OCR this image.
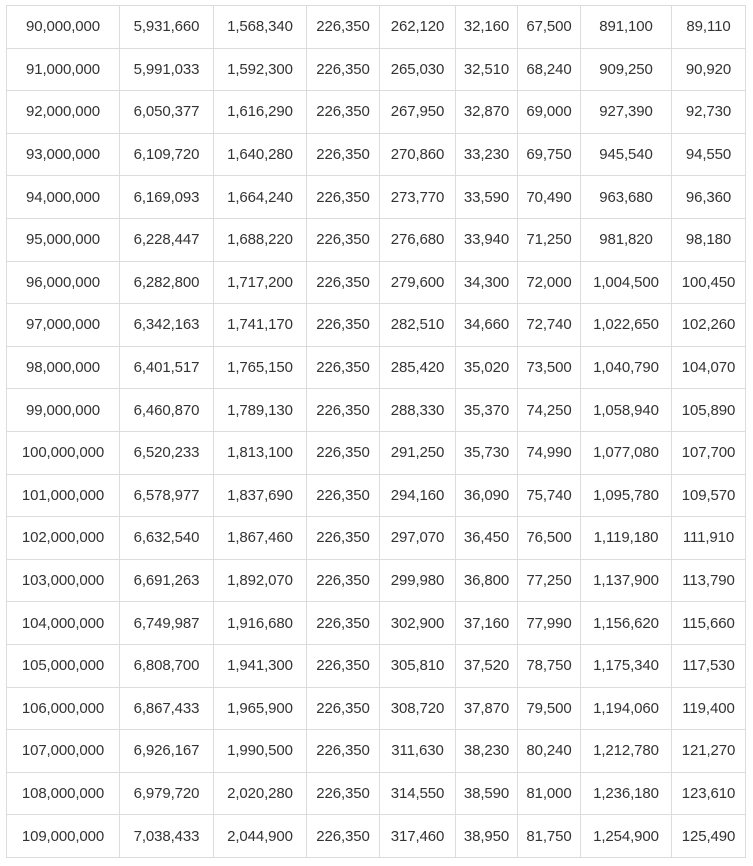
90,000,000	5,931,660	1,568,340	226,350	262,120	32,160	67,500	891,100	89,110
91,000,000	5,991,033	1,592,300	226,350	265,030	32,510	68,240	909,250	90,920
92,000,000	6,050,377	1,616,290	226,350	267,950	32,870	69,000	927,390	92,730
93,000,000	6,109,720	1,640,280	226,350	270,860	33,230	69,750	945,540	94,550
94,000,000	6,169,093	1,664,240	226,350	273,770	33,590	70,490	963,680	96,360
95,000,000	6,228,447	1,688,220	226,350	276,680	33,940	71,250	981,820	98,180
96,000,000	6,282,800	1,717,200	226,350	279,600	34,300	72,000	1,004,500	100,450
97,000,000	6,342,163	1,741,170	226,350	282,510	34,660	72,740	1,022,650	102,260
98,000,000	6,401,517	1,765,150	226,350	285,420	35,020	73,500	1,040,790	104,070
99,000,000	6,460,870	1,789,130	226,350	288,330	35,370	74,250	1,058,940	105,890
100,000,000	6,520,233	1,813,100	226,350	291,250	35,730	74,990	1,077,080	107,700
101,000,000	6,578,977	1,837,690	226,350	294,160	36,090	75,740	1,095,780	109,570
102,000,000	6,632,540	1,867,460	226,350	297,070	36,450	76,500	1,119,180	111,910
103,000,000	6,691,263	1,892,070	226,350	299,980	36,800	77,250	1,137,900	113,790
104,000,000	6,749,987	1,916,680	226,350	302,900	37,160	77,990	1,156,620	115,660
105,000,000	6,808,700	1,941,300	226,350	305,810	37,520	78,750	1,175,340	117,530
106,000,000	6,867,433	1,965,900	226,350	308,720	37,870	79,500	1,194,060	119,400
107,000,000	6,926,167	1,990,500	226,350	311,630	38,230	80,240	1,212,780	121,270
108,000,000	6,979,720	2,020,280	226,350	314,550	38,590	81,000	1,236,180	123,610
109,000,000	7,038,433	2,044,900	226,350	317,460	38,950	81,750	1,254,900	125,490
